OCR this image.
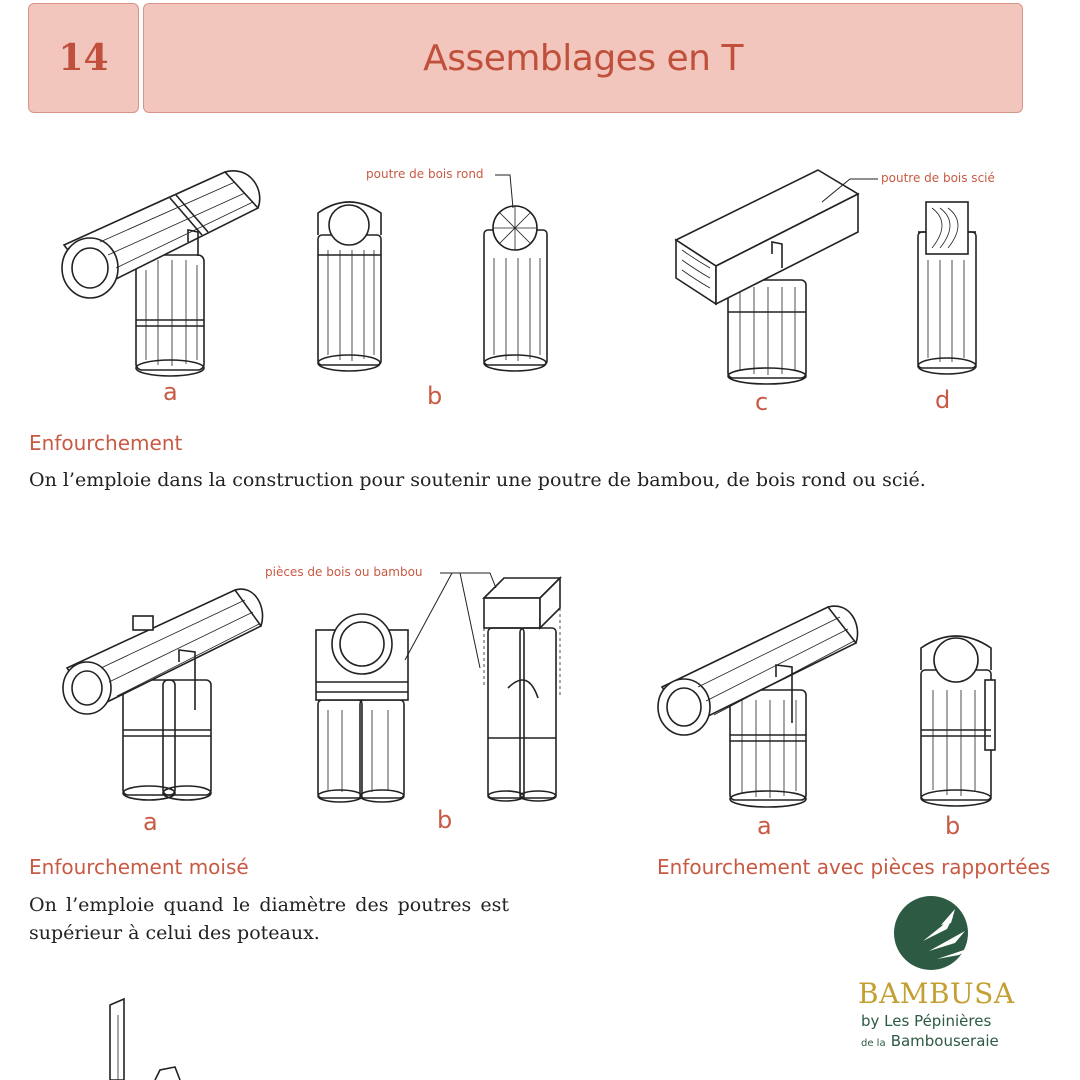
14	Assemblages en T
poutre de bois rond	poutre de bois scié
a	b	c	d
Enfourchement
On l’emploie dans la construction pour soutenir une poutre de bambou, de bois rond ou scié.
pièces de bois ou bambou
a	b	a	b
Enfourchement moisé
On l’emploie quand le diamètre des poutres est supérieur à celui des poteaux.
Enfourchement avec pièces rapportées
BAMBUSA
by Les Pépinières
de la Bambouseraie
